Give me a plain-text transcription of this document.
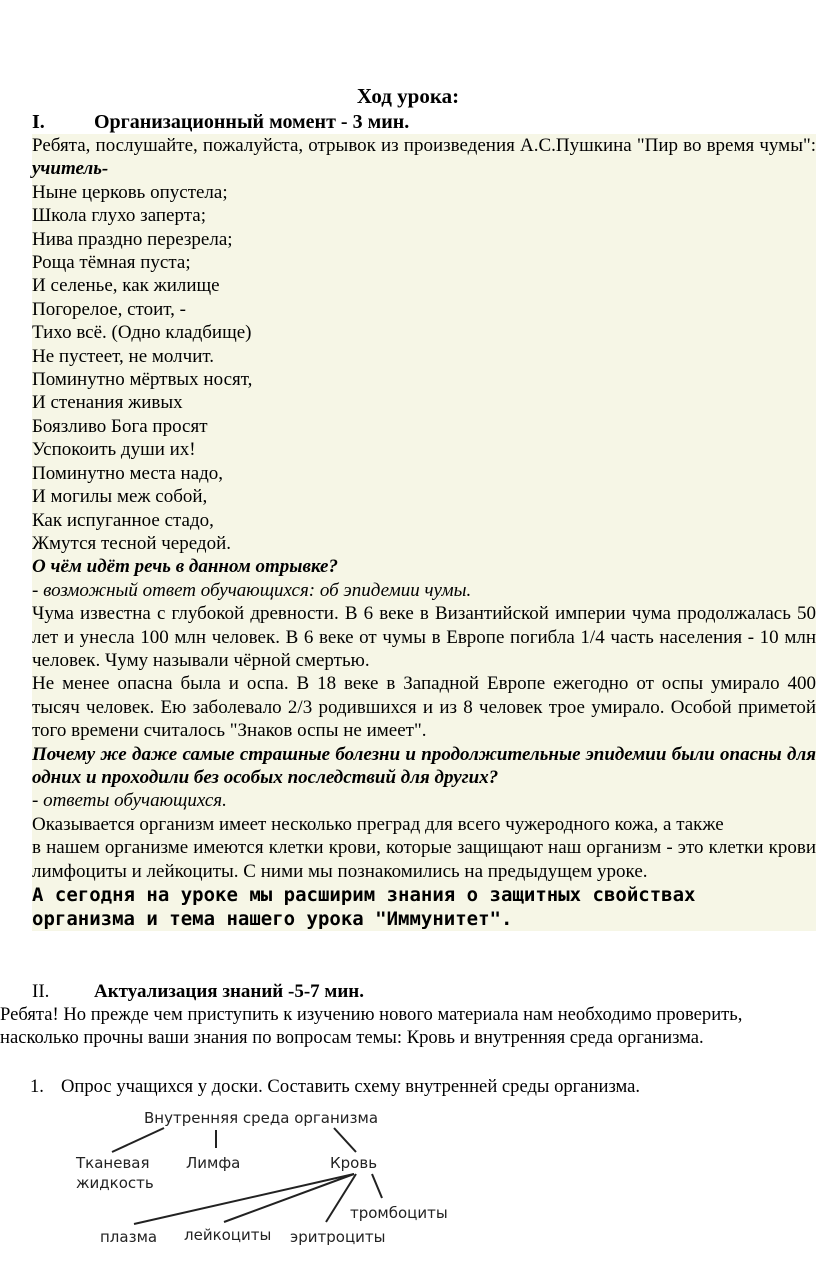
Ход урока:
I. Организационный момент - 3 мин.
Ребята, послушайте, пожалуйста, отрывок из произведения А.С.Пушкина "Пир во время чумы": учитель-
Ныне церковь опустела;
Школа глухо заперта;
Нива праздно перезрела;
Роща тёмная пуста;
И селенье, как жилище
Погорелое, стоит, -
Тихо всё. (Одно кладбище)
Не пустеет, не молчит.
Поминутно мёртвых носят,
И стенания живых
Боязливо Бога просят
Успокоить души их!
Поминутно места надо,
И могилы меж собой,
Как испуганное стадо,
Жмутся тесной чередой.
О чём идёт речь в данном отрывке?
- возможный ответ обучающихся: об эпидемии чумы.
Чума известна с глубокой древности. В 6 веке в Византийской империи чума продолжалась 50 лет и унесла 100 млн человек. В 6 веке от чумы в Европе погибла 1/4 часть населения - 10 млн человек. Чуму называли чёрной смертью.
Не менее опасна была и оспа. В 18 веке в Западной Европе ежегодно от оспы умирало 400 тысяч человек. Ею заболевало 2/3 родившихся и из 8 человек трое умирало. Особой приметой того времени считалось "Знаков оспы не имеет".
Почему же даже самые страшные болезни и продолжительные эпидемии были опасны для одних и проходили без особых последствий для других?
- ответы обучающихся.
Оказывается организм имеет несколько преград для всего чужеродного кожа, а также
в нашем организме имеются клетки крови, которые защищают наш организм - это клетки крови лимфоциты и лейкоциты. С ними мы познакомились на предыдущем уроке.
А сегодня на уроке мы расширим знания о защитных свойствах
организма и тема нашего урока "Иммунитет".
II. Актуализация знаний -5-7 мин.
Ребята! Но прежде чем приступить к изучению нового материала нам необходимо проверить, насколько прочны ваши знания по вопросам темы: Кровь и внутренняя среда организма.
1. Опрос учащихся у доски. Составить схему внутренней среды организма.
Внутренняя среда организма
Тканевая
жидкость
Лимфа	Кровь
тромбоциты
плазма лейкоциты эритроциты
